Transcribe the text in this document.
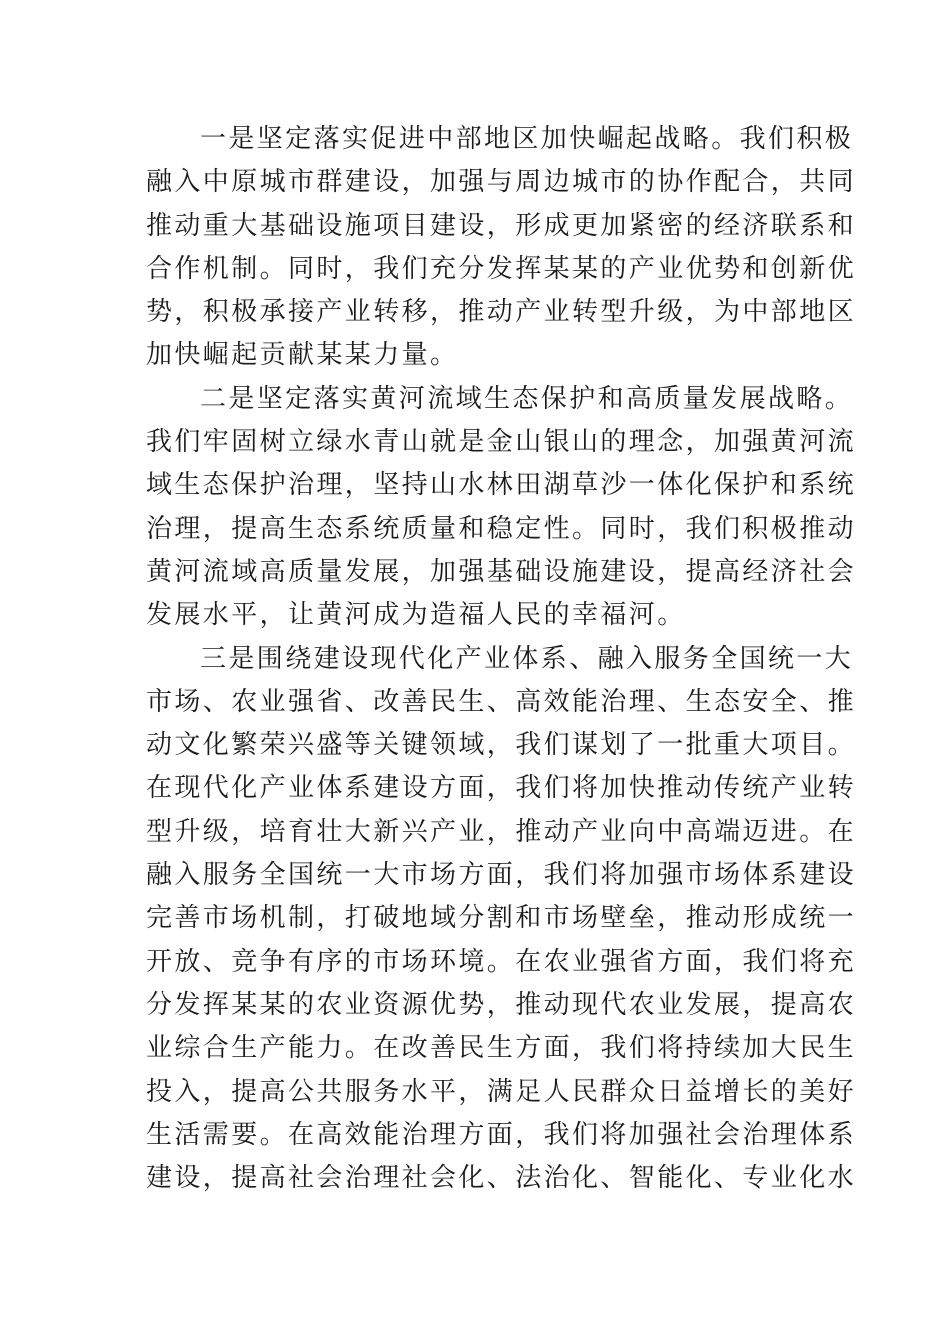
一是坚定落实促进中部地区加快崛起战略。我们积极
融入中原城市群建设，加强与周边城市的协作配合，共同
推动重大基础设施项目建设，形成更加紧密的经济联系和
合作机制。同时，我们充分发挥某某的产业优势和创新优
势，积极承接产业转移，推动产业转型升级，为中部地区
加快崛起贡献某某力量。
二是坚定落实黄河流域生态保护和高质量发展战略。
我们牢固树立绿水青山就是金山银山的理念，加强黄河流
域生态保护治理，坚持山水林田湖草沙一体化保护和系统
治理，提高生态系统质量和稳定性。同时，我们积极推动
黄河流域高质量发展，加强基础设施建设，提高经济社会
发展水平，让黄河成为造福人民的幸福河。
三是围绕建设现代化产业体系、融入服务全国统一大
市场、农业强省、改善民生、高效能治理、生态安全、推
动文化繁荣兴盛等关键领域，我们谋划了一批重大项目。
在现代化产业体系建设方面，我们将加快推动传统产业转
型升级，培育壮大新兴产业，推动产业向中高端迈进。在
融入服务全国统一大市场方面，我们将加强市场体系建设
完善市场机制，打破地域分割和市场壁垒，推动形成统一
开放、竞争有序的市场环境。在农业强省方面，我们将充
分发挥某某的农业资源优势，推动现代农业发展，提高农
业综合生产能力。在改善民生方面，我们将持续加大民生
投入，提高公共服务水平，满足人民群众日益增长的美好
生活需要。在高效能治理方面，我们将加强社会治理体系
建设，提高社会治理社会化、法治化、智能化、专业化水
